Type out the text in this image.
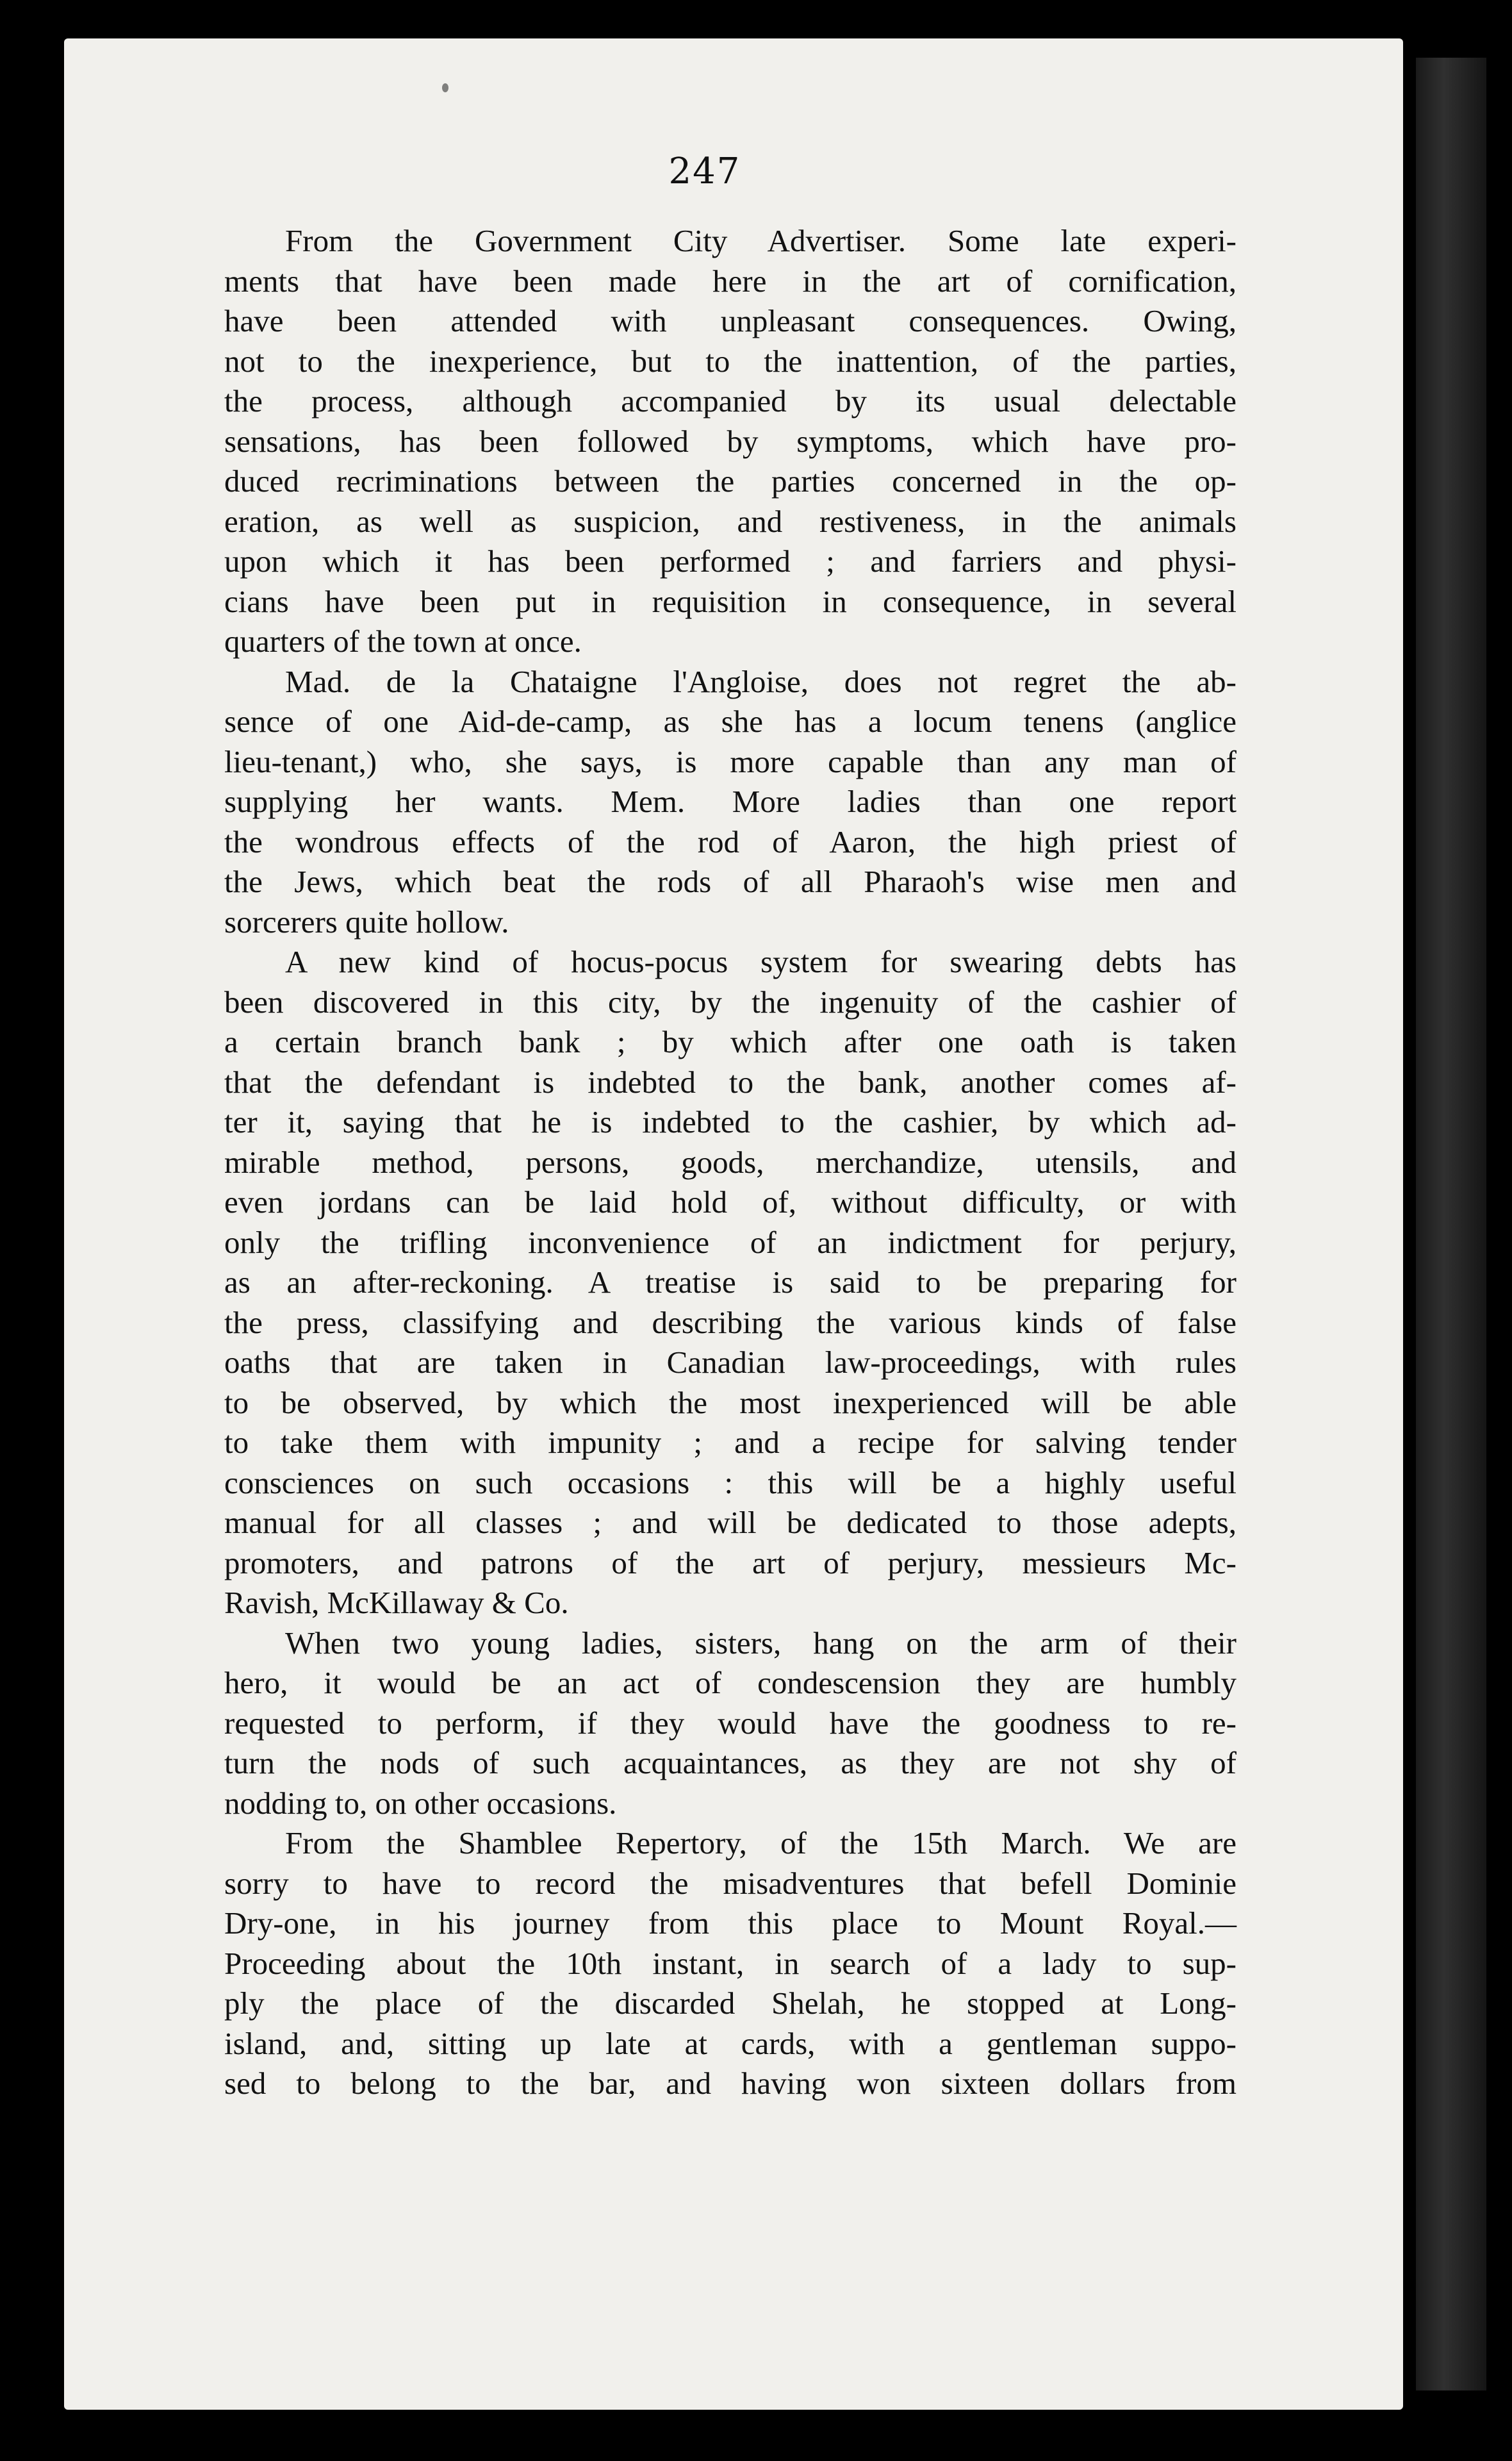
247
From the Government City Advertiser. Some late experi-
ments that have been made here in the art of cornification,
have been attended with unpleasant consequences. Owing,
not to the inexperience, but to the inattention, of the parties,
the process, although accompanied by its usual delectable
sensations, has been followed by symptoms, which have pro-
duced recriminations between the parties concerned in the op-
eration, as well as suspicion, and restiveness, in the animals
upon which it has been performed ; and farriers and physi-
cians have been put in requisition in consequence, in several
quarters of the town at once.
Mad. de la Chataigne l'Angloise, does not regret the ab-
sence of one Aid-de-camp, as she has a locum tenens (anglice
lieu-tenant,) who, she says, is more capable than any man of
supplying her wants. Mem. More ladies than one report
the wondrous effects of the rod of Aaron, the high priest of
the Jews, which beat the rods of all Pharaoh's wise men and
sorcerers quite hollow.
A new kind of hocus-pocus system for swearing debts has
been discovered in this city, by the ingenuity of the cashier of
a certain branch bank ; by which after one oath is taken
that the defendant is indebted to the bank, another comes af-
ter it, saying that he is indebted to the cashier, by which ad-
mirable method, persons, goods, merchandize, utensils, and
even jordans can be laid hold of, without difficulty, or with
only the trifling inconvenience of an indictment for perjury,
as an after-reckoning. A treatise is said to be preparing for
the press, classifying and describing the various kinds of false
oaths that are taken in Canadian law-proceedings, with rules
to be observed, by which the most inexperienced will be able
to take them with impunity ; and a recipe for salving tender
consciences on such occasions : this will be a highly useful
manual for all classes ; and will be dedicated to those adepts,
promoters, and patrons of the art of perjury, messieurs Mc-
Ravish, McKillaway & Co.
When two young ladies, sisters, hang on the arm of their
hero, it would be an act of condescension they are humbly
requested to perform, if they would have the goodness to re-
turn the nods of such acquaintances, as they are not shy of
nodding to, on other occasions.
From the Shamblee Repertory, of the 15th March. We are
sorry to have to record the misadventures that befell Dominie
Dry-one, in his journey from this place to Mount Royal.—
Proceeding about the 10th instant, in search of a lady to sup-
ply the place of the discarded Shelah, he stopped at Long-
island, and, sitting up late at cards, with a gentleman suppo-
sed to belong to the bar, and having won sixteen dollars from
